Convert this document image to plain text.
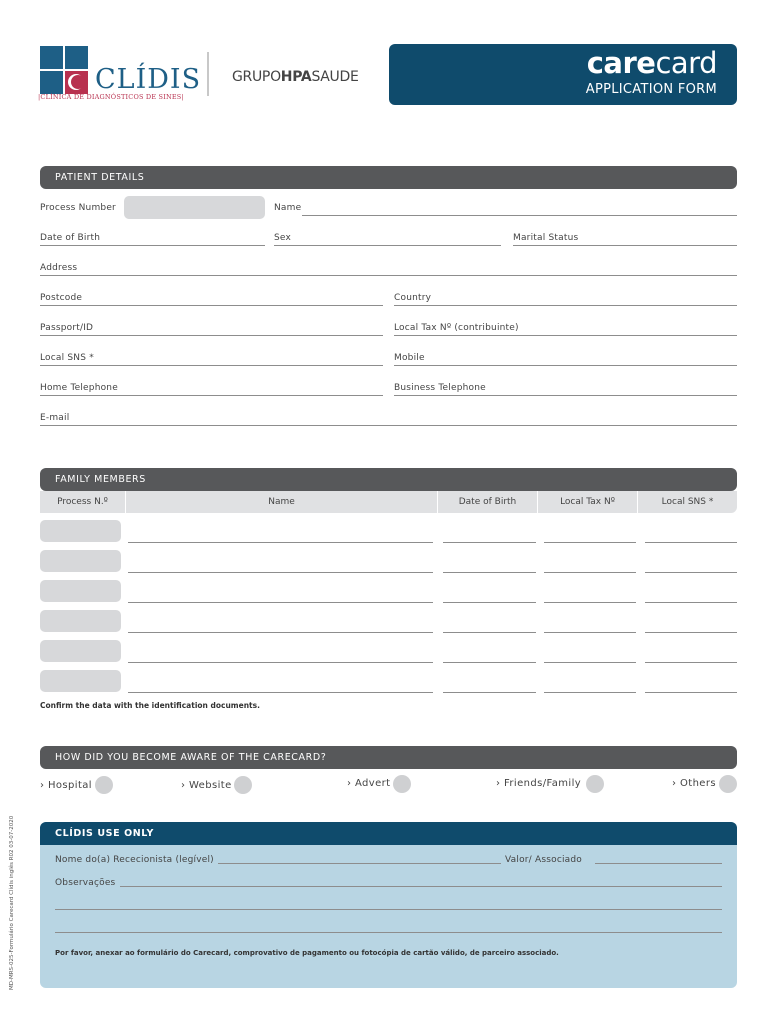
CLÍDIS
|CLÍNICA DE DIAGNÓSTICOS DE SINES|
GRUPOHPASAUDE	carecard
APPLICATION FORM
PATIENT DETAILS
Process Number	Name
Date of Birth	Sex	Marital Status
Address
Postcode	Country
Passport/ID	Local Tax Nº (contribuinte)
Local SNS *	Mobile
Home Telephone	Business Telephone
E-mail
FAMILY MEMBERS
Process N.º	Name	Date of Birth	Local Tax Nº	Local SNS *
Confirm the data with the identification documents.
HOW DID YOU BECOME AWARE OF THE CARECARD?
› Hospital	› Website	› Advert	› Friends/Family	› Others
CLÍDIS USE ONLY
Nome do(a) Rececionista (legível)	Valor/ Associado
Observações
Por favor, anexar ao formulário do Carecard, comprovativo de pagamento ou fotocópia de cartão válido, de parceiro associado.
MD-MRS-025-Formulário Carecard Clídis inglês R02 03-07-2020
